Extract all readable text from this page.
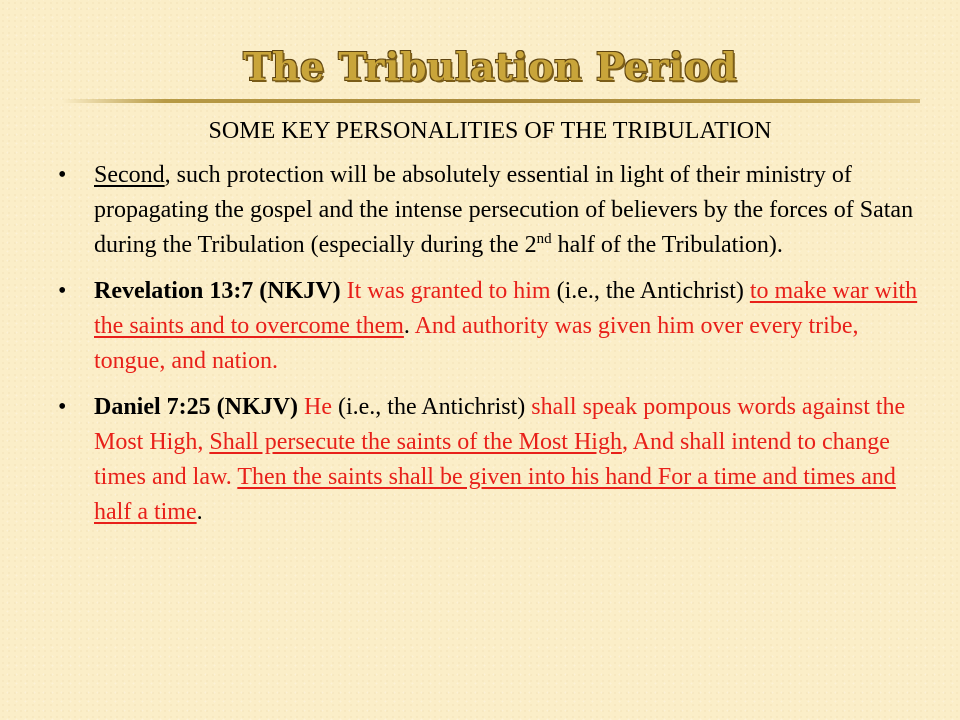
The Tribulation Period
SOME KEY PERSONALITIES OF THE TRIBULATION
• Second, such protection will be absolutely essential in light of their ministry of propagating the gospel and the intense persecution of believers by the forces of Satan during the Tribulation (especially during the 2nd half of the Tribulation).
• Revelation 13:7 (NKJV) It was granted to him (i.e., the Antichrist) to make war with the saints and to overcome them. And authority was given him over every tribe, tongue, and nation.
• Daniel 7:25 (NKJV) He (i.e., the Antichrist) shall speak pompous words against the Most High, Shall persecute the saints of the Most High, And shall intend to change times and law. Then the saints shall be given into his hand For a time and times and half a time.
